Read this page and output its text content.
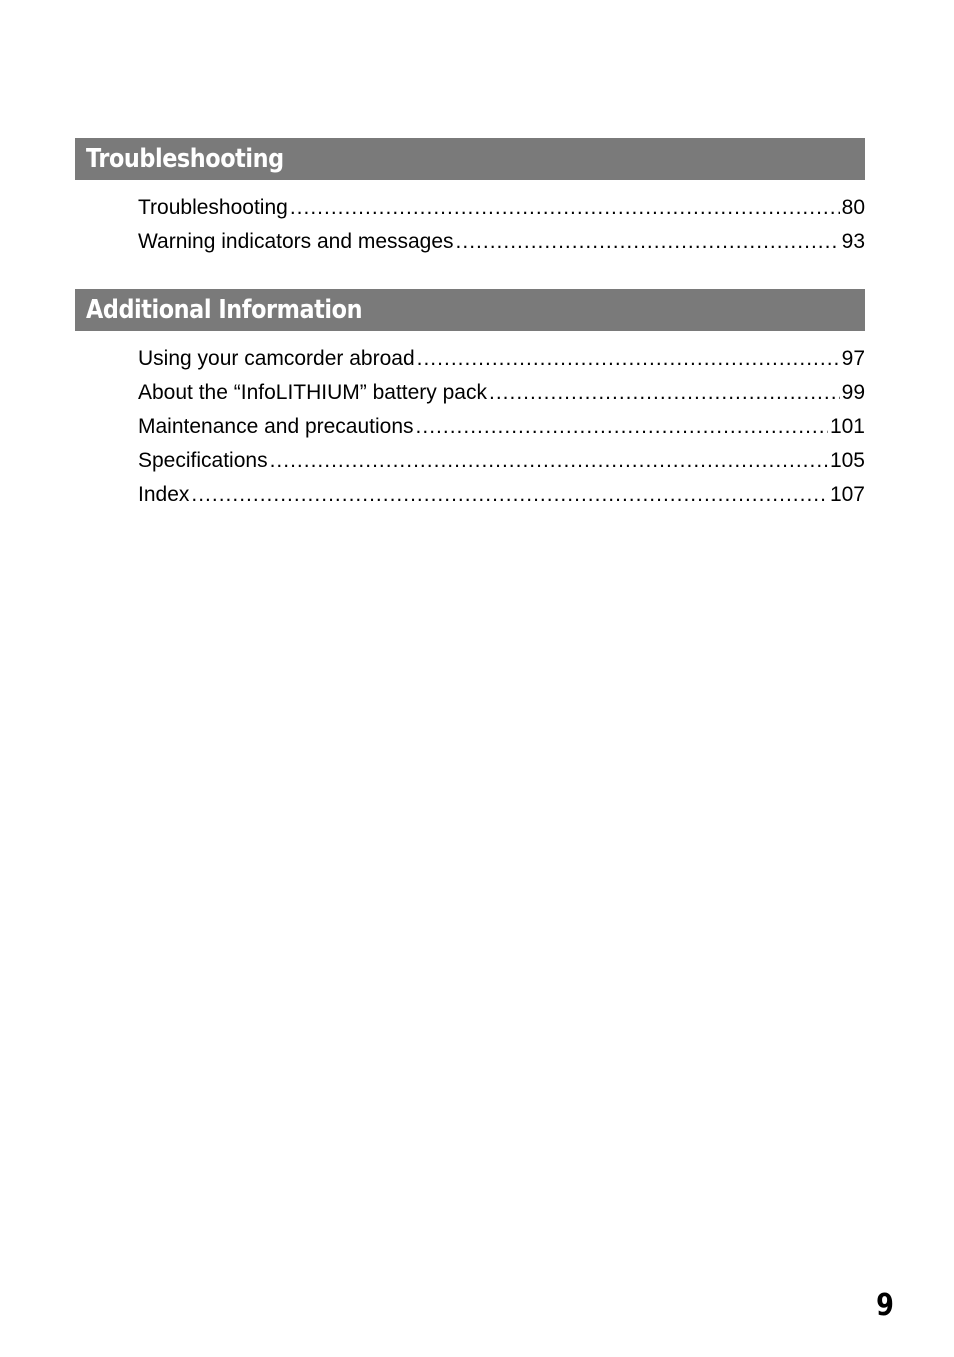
Troubleshooting
Troubleshooting .....	80
Warning indicators and messages .....	93
Additional Information
Using your camcorder abroad .....	97
About the “InfoLITHIUM” battery pack .....	99
Maintenance and precautions .....	101
Specifications .....	105
Index .....	107
9
